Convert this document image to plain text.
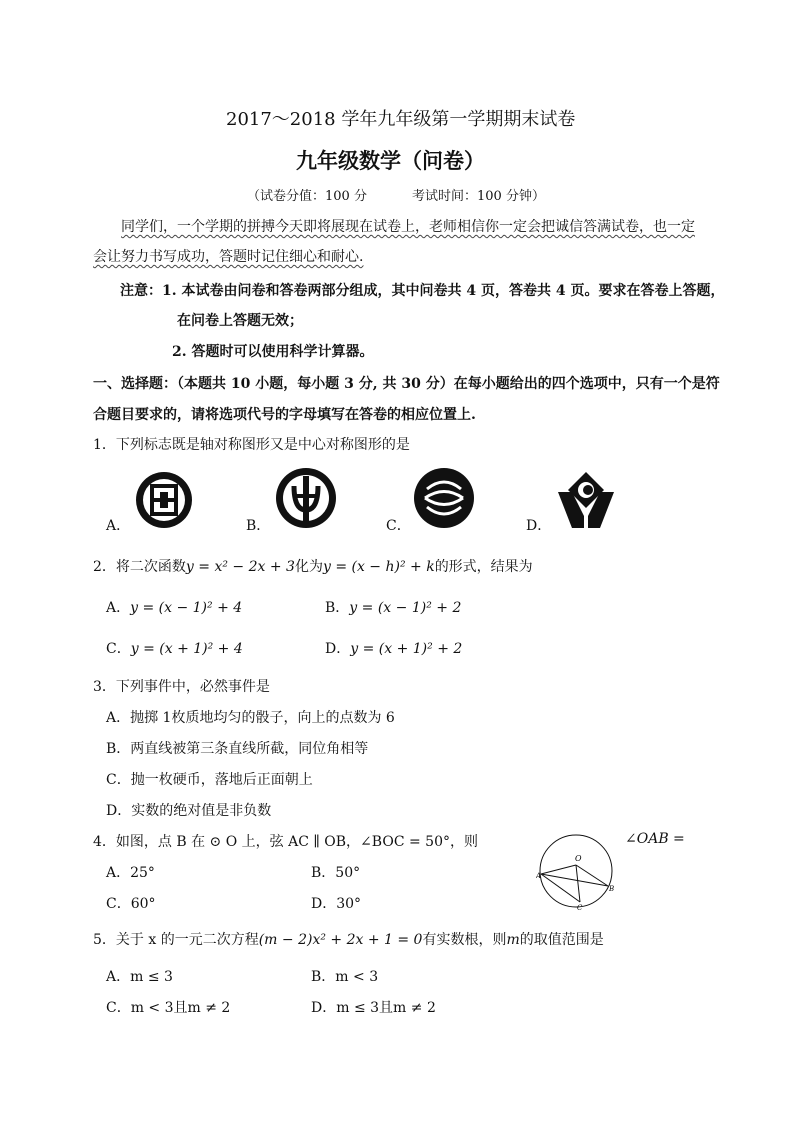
2017～2018 学年九年级第一学期期末试卷
九年级数学（问卷）
（试卷分值：100 分	考试时间：100 分钟）
同学们，一个学期的拼搏今天即将展现在试卷上，老师相信你一定会把诚信答满试卷，也一定
会让努力书写成功，答题时记住细心和耐心.
注意：1. 本试卷由问卷和答卷两部分组成，其中问卷共 4 页，答卷共 4 页。要求在答卷上答题，
在问卷上答题无效；
2. 答题时可以使用科学计算器。
一、选择题：（本题共 10 小题，每小题 3 分, 共 30 分）在每小题给出的四个选项中，只有一个是符
合题目要求的，请将选项代号的字母填写在答卷的相应位置上.
1．下列标志既是轴对称图形又是中心对称图形的是
A．	B．	C．	D．
2．将二次函数y = x² − 2x + 3化为y = (x − h)² + k的形式，结果为
A．y = (x − 1)² + 4	B．y = (x − 1)² + 2
C．y = (x + 1)² + 4	D．y = (x + 1)² + 2
3．下列事件中，必然事件是
A．抛掷 1枚质地均匀的骰子，向上的点数为 6
B．两直线被第三条直线所截，同位角相等
C．抛一枚硬币，落地后正面朝上
D．实数的绝对值是非负数
4．如图，点 B 在 ⊙ O 上，弦 AC ∥ OB，∠BOC = 50°，则	∠OAB =
A．25°	B．50°
C．60°	D．30°
O
A
B
C
5．关于 x 的一元二次方程(m − 2)x² + 2x + 1 = 0有实数根，则m的取值范围是
A．m ≤ 3	B．m < 3
C．m < 3且m ≠ 2	D．m ≤ 3且m ≠ 2
